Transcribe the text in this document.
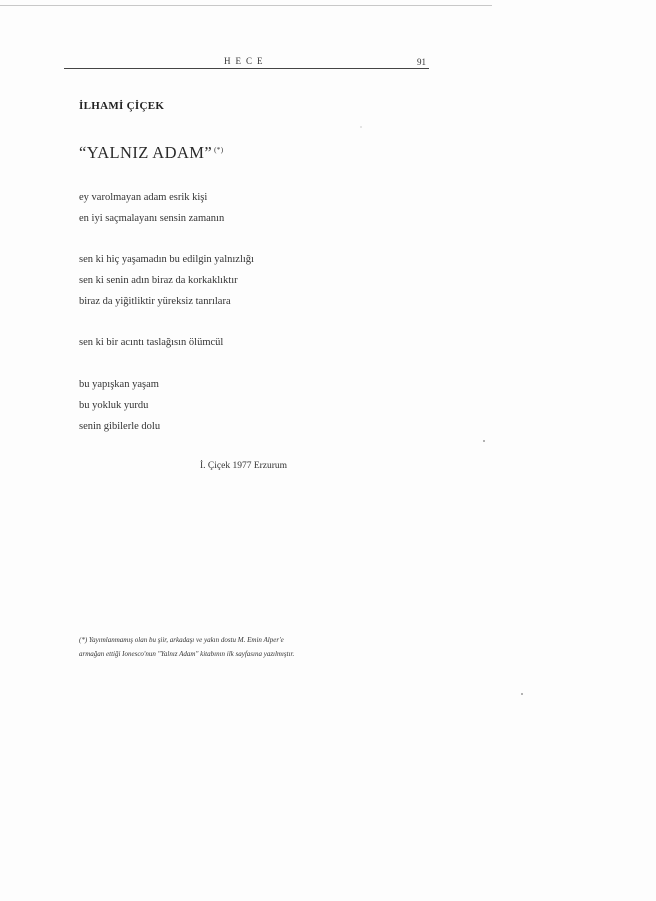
HECE	91
İLHAMİ ÇİÇEK
“YALNIZ ADAM” (*)
ey varolmayan adam esrik kişi
en iyi saçmalayanı sensin zamanın
sen ki hiç yaşamadın bu edilgin yalnızlığı
sen ki senin adın biraz da korkaklıktır
biraz da yiğitliktir yüreksiz tanrılara
sen ki bir acıntı taslağısın ölümcül
bu yapışkan yaşam
bu yokluk yurdu
senin gibilerle dolu
İ. Çiçek 1977 Erzurum
(*) Yayımlanmamış olan bu şiir, arkadaşı ve yakın dostu M. Emin Alper'e
armağan ettiği Ionesco'nun "Yalnız Adam" kitabının ilk sayfasına yazılmıştır.
